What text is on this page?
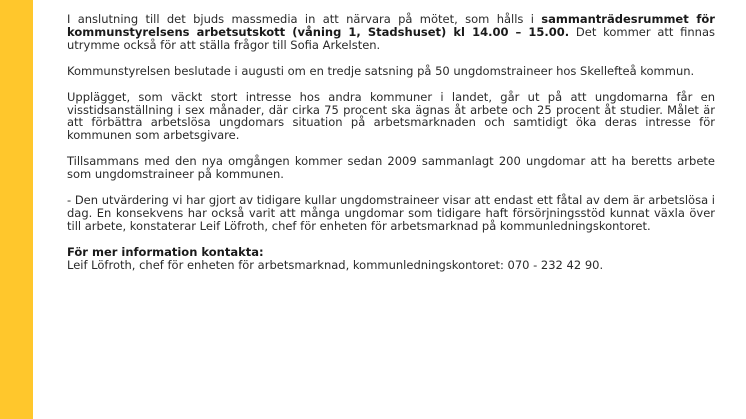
I anslutning till det bjuds massmedia in att närvara på mötet, som hålls i sammanträdesrummet för kommunstyrelsens arbetsutskott (våning 1, Stadshuset) kl 14.00 – 15.00. Det kommer att finnas utrymme också för att ställa frågor till Sofia Arkelsten.

Kommunstyrelsen beslutade i augusti om en tredje satsning på 50 ungdomstraineer hos Skellefteå kommun.

Upplägget, som väckt stort intresse hos andra kommuner i landet, går ut på att ungdomarna får en visstidsanställning i sex månader, där cirka 75 procent ska ägnas åt arbete och 25 procent åt studier. Målet är att förbättra arbetslösa ungdomars situation på arbetsmarknaden och samtidigt öka deras intresse för kommunen som arbetsgivare.

Tillsammans med den nya omgången kommer sedan 2009 sammanlagt 200 ungdomar att ha beretts arbete som ungdomstraineer på kommunen.

- Den utvärdering vi har gjort av tidigare kullar ungdomstraineer visar att endast ett fåtal av dem är arbetslösa i dag. En konsekvens har också varit att många ungdomar som tidigare haft försörjningsstöd kunnat växla över till arbete, konstaterar Leif Löfroth, chef för enheten för arbetsmarknad på kommunledningskontoret.

För mer information kontakta:
Leif Löfroth, chef för enheten för arbetsmarknad, kommunledningskontoret: 070 - 232 42 90.
